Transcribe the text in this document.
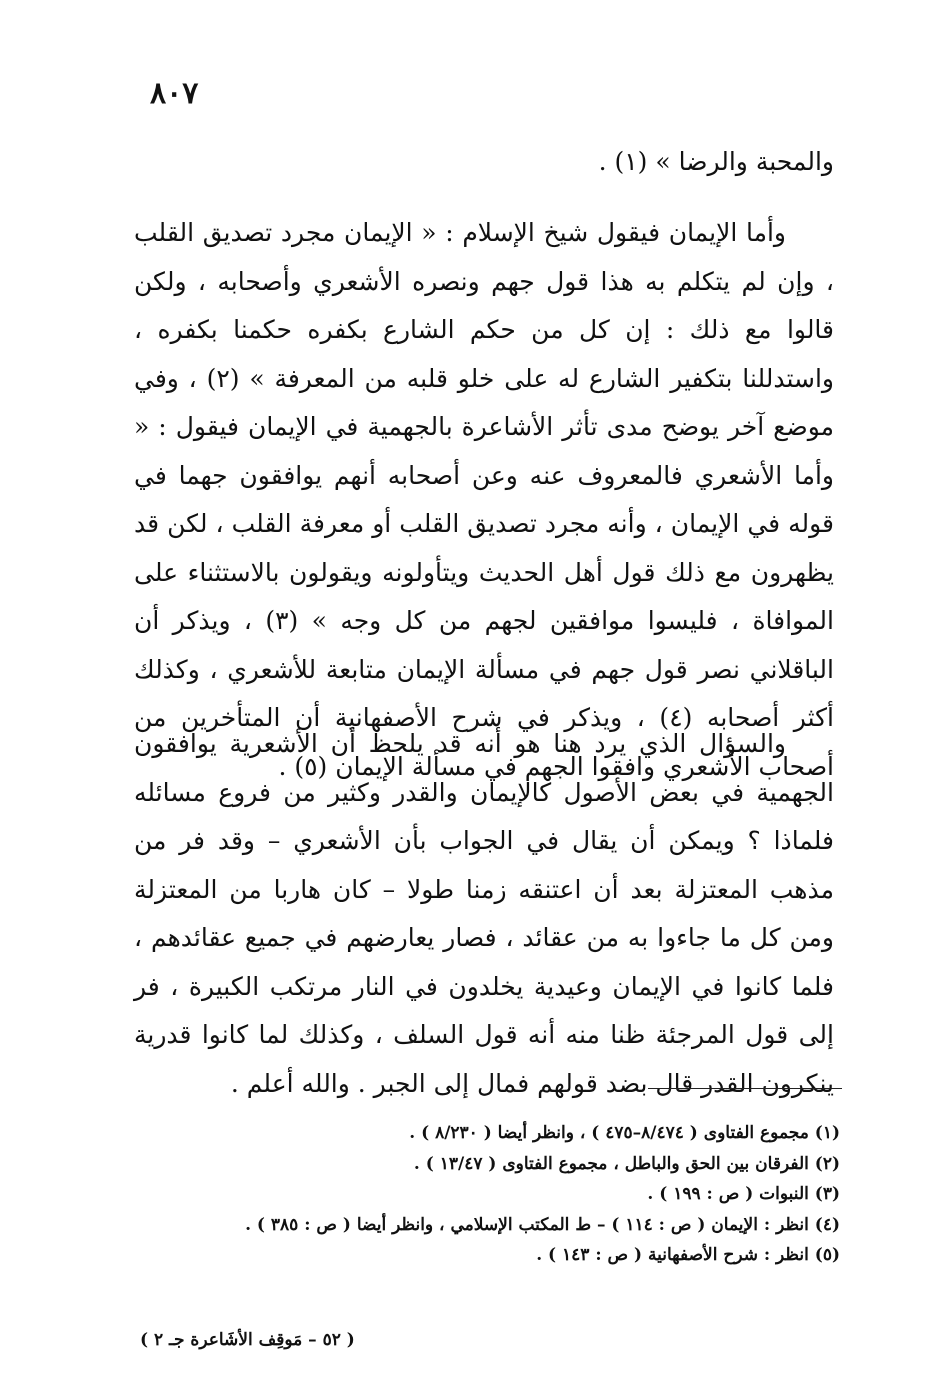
٨٠٧

والمحبة والرضا » (١) .

وأما الإيمان فيقول شيخ الإسلام : « الإيمان مجرد تصديق القلب ، وإن لم يتكلم به هذا قول جهم ونصره الأشعري وأصحابه ، ولكن قالوا مع ذلك : إن كل من حكم الشارع بكفره حكمنا بكفره ، واستدللنا بتكفير الشارع له على خلو قلبه من المعرفة » (٢) ، وفي موضع آخر يوضح مدى تأثر الأشاعرة بالجهمية في الإيمان فيقول : « وأما الأشعري فالمعروف عنه وعن أصحابه أنهم يوافقون جهما في قوله في الإيمان ، وأنه مجرد تصديق القلب أو معرفة القلب ، لكن قد يظهرون مع ذلك قول أهل الحديث ويتأولونه ويقولون بالاستثناء على الموافاة ، فليسوا موافقين لجهم من كل وجه » (٣) ، ويذكر أن الباقلاني نصر قول جهم في مسألة الإيمان متابعة للأشعري ، وكذلك أكثر أصحابه (٤) ، ويذكر في شرح الأصفهانية أن المتأخرين من أصحاب الأشعري وافقوا الجهم في مسألة الإيمان (٥) .

والسؤال الذي يرد هنا هو أنه قد يلحظ أن الأشعرية يوافقون الجهمية في بعض الأصول كالإيمان والقدر وكثير من فروع مسائله فلماذا ؟ ويمكن أن يقال في الجواب بأن الأشعري – وقد فر من مذهب المعتزلة بعد أن اعتنقه زمنا طولا – كان هاربا من المعتزلة ومن كل ما جاءوا به من عقائد ، فصار يعارضهم في جميع عقائدهم ، فلما كانوا في الإيمان وعيدية يخلدون في النار مرتكب الكبيرة ، فر إلى قول المرجئة ظنا منه أنه قول السلف ، وكذلك لما كانوا قدرية ينكرون القدر قال بضد قولهم فمال إلى الجبر . والله أعلم .

(١) مجموع الفتاوى ( ٨/٤٧٤–٤٧٥ ) ، وانظر أيضا ( ٨/٢٣٠ ) .
(٢) الفرقان بين الحق والباطل ، مجموع الفتاوى ( ١٣/٤٧ ) .
(٣) النبوات ( ص : ١٩٩ ) .
(٤) انظر : الإيمان ( ص : ١١٤ ) – ط المكتب الإسلامي ، وانظر أيضا ( ص : ٣٨٥ ) .
(٥) انظر : شرح الأصفهانية ( ص : ١٤٣ ) .
( ٥٢ – مَوقِف الأشَاعرة جـ ٢ )
